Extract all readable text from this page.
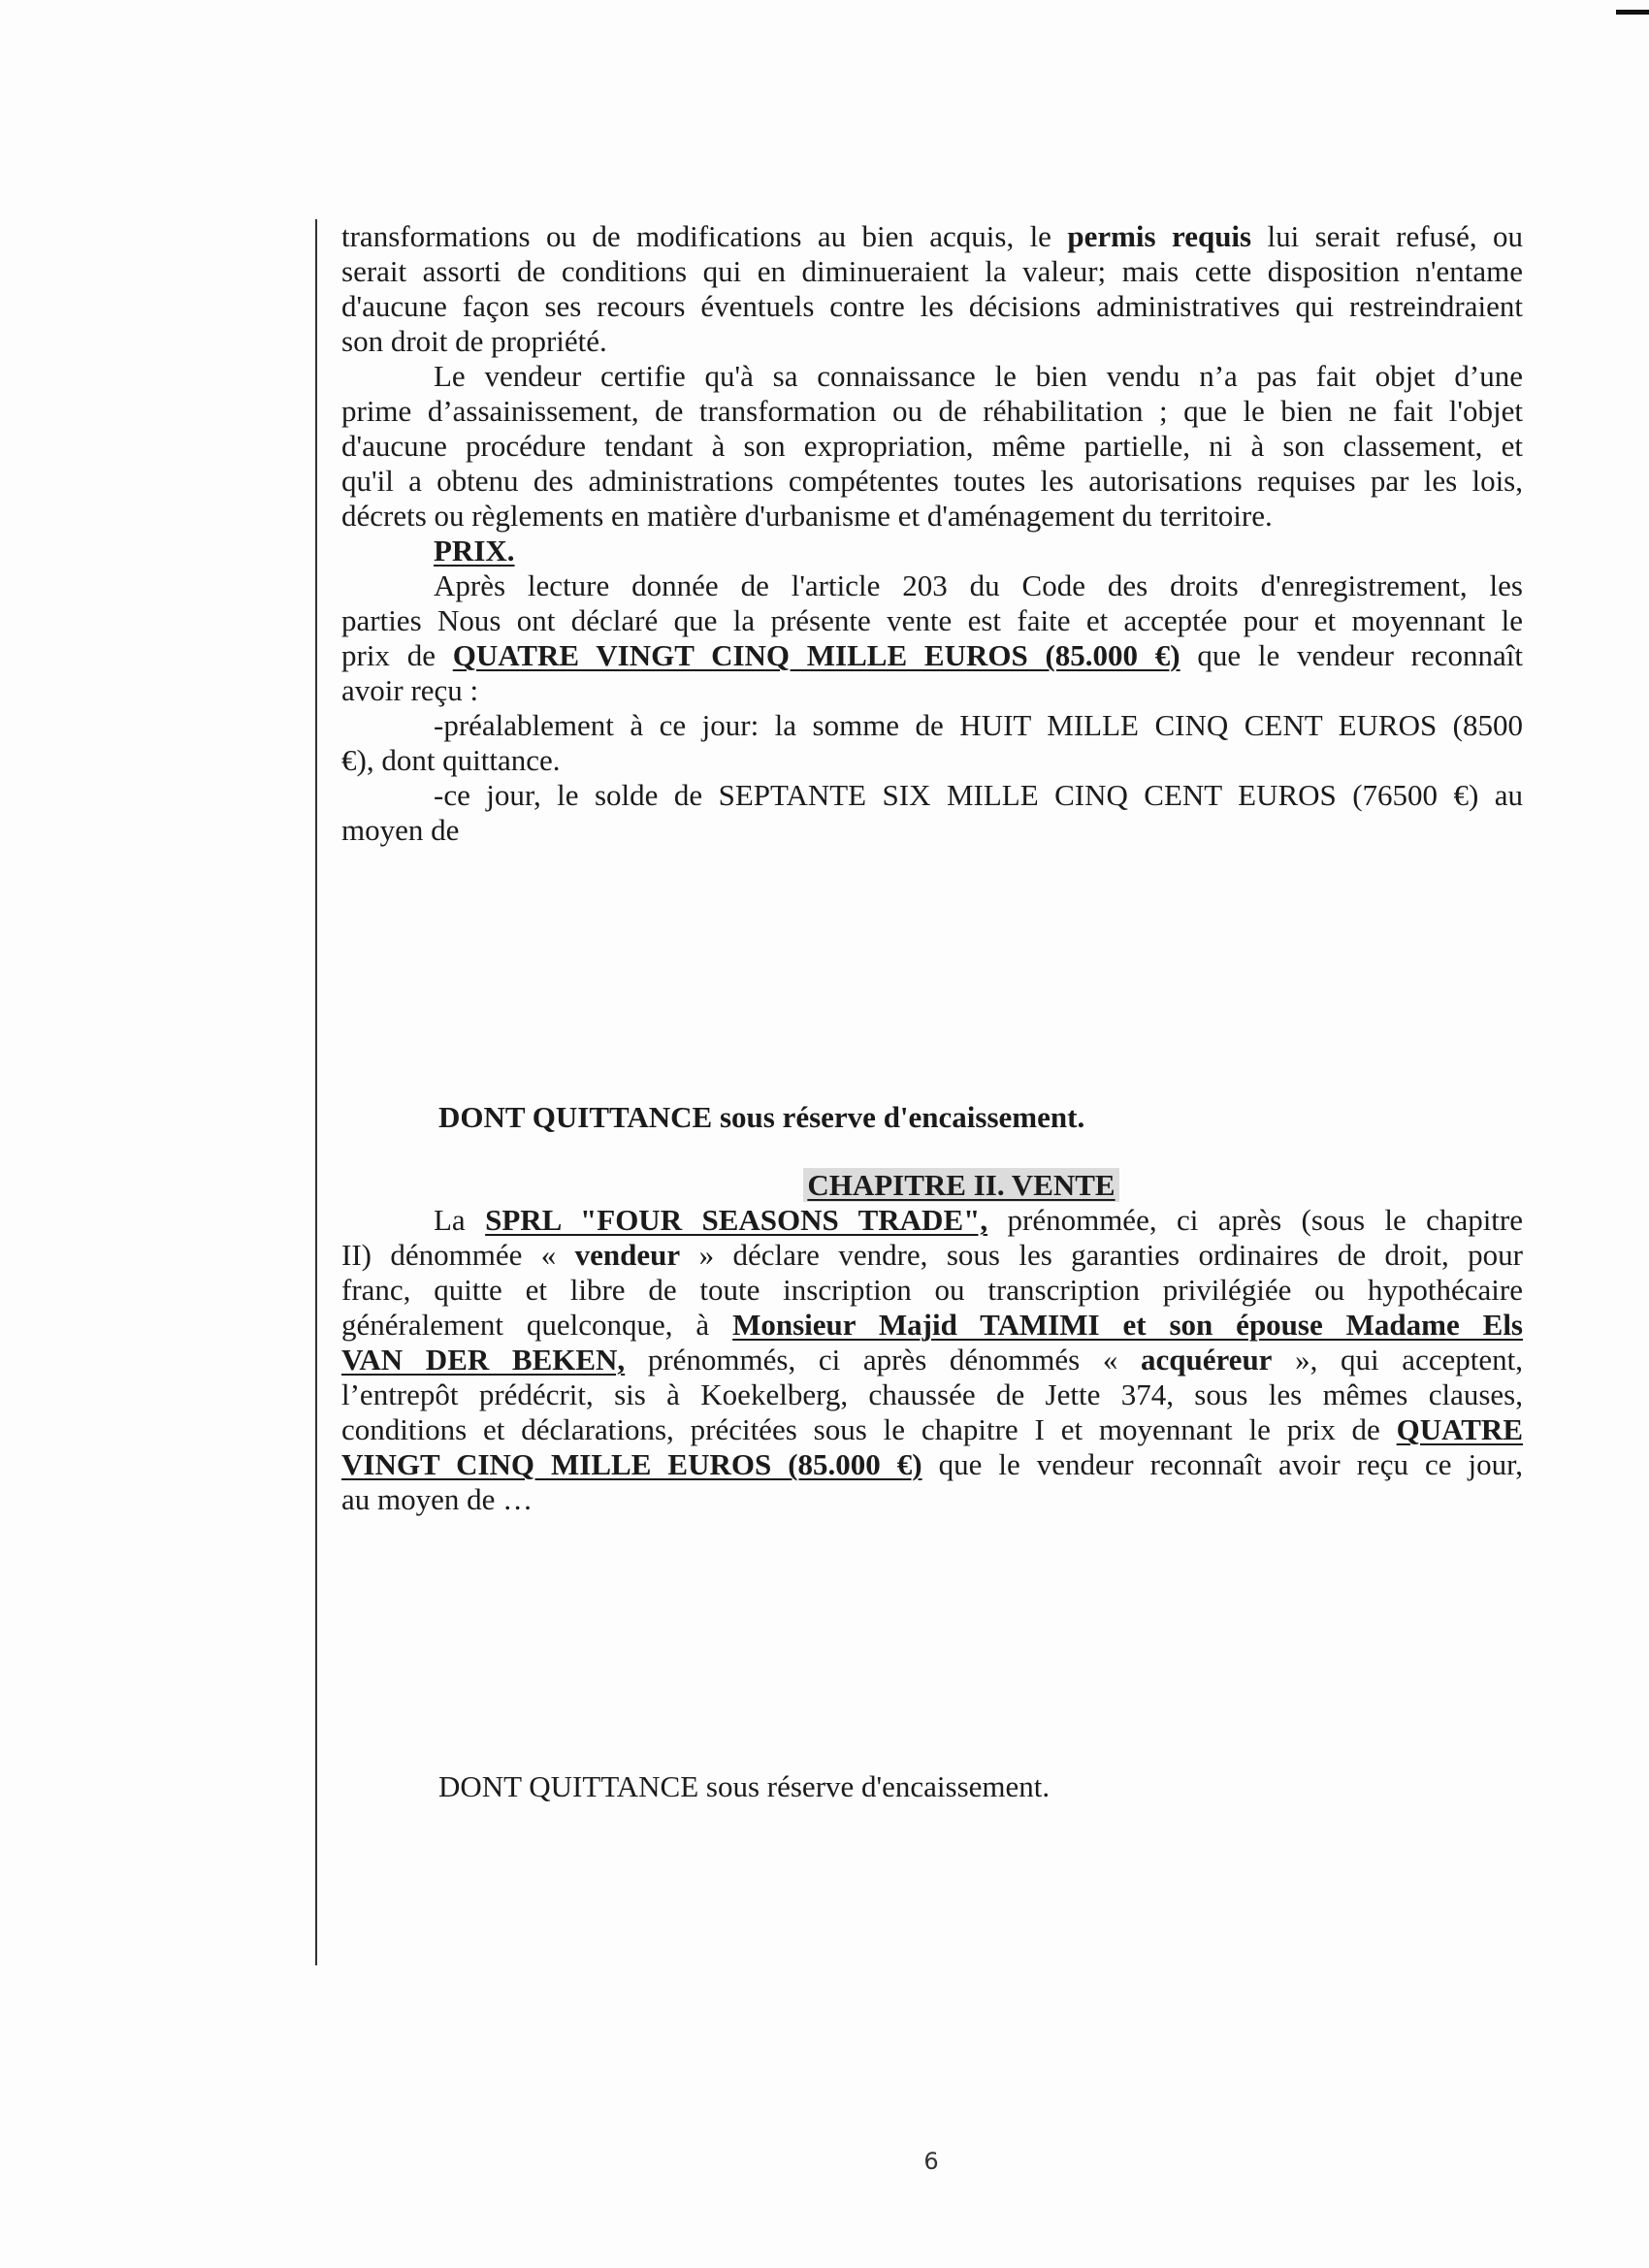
transformations ou de modifications au bien acquis, le permis requis lui serait refusé, ou
serait assorti de conditions qui en diminueraient la valeur; mais cette disposition n'entame
d'aucune façon ses recours éventuels contre les décisions administratives qui restreindraient
son droit de propriété.
Le vendeur certifie qu'à sa connaissance le bien vendu n’a pas fait objet d’une
prime d’assainissement, de transformation ou de réhabilitation ; que le bien ne fait l'objet
d'aucune procédure tendant à son expropriation, même partielle, ni à son classement, et
qu'il a obtenu des administrations compétentes toutes les autorisations requises par les lois,
décrets ou règlements en matière d'urbanisme et d'aménagement du territoire.
PRIX.
Après lecture donnée de l'article 203 du Code des droits d'enregistrement, les
parties Nous ont déclaré que la présente vente est faite et acceptée pour et moyennant le
prix de QUATRE VINGT CINQ MILLE EUROS (85.000 €) que le vendeur reconnaît
avoir reçu :
-préalablement à ce jour: la somme de HUIT MILLE CINQ CENT EUROS (8500
€), dont quittance.
-ce jour, le solde de SEPTANTE SIX MILLE CINQ CENT EUROS (76500 €) au
moyen de
DONT QUITTANCE sous réserve d'encaissement.
CHAPITRE II. VENTE
La SPRL "FOUR SEASONS TRADE", prénommée, ci après (sous le chapitre
II) dénommée « vendeur » déclare vendre, sous les garanties ordinaires de droit, pour
franc, quitte et libre de toute inscription ou transcription privilégiée ou hypothécaire
généralement quelconque, à Monsieur Majid TAMIMI et son épouse Madame Els
VAN DER BEKEN, prénommés, ci après dénommés « acquéreur », qui acceptent,
l’entrepôt prédécrit, sis à Koekelberg, chaussée de Jette 374, sous les mêmes clauses,
conditions et déclarations, précitées sous le chapitre I et moyennant le prix de QUATRE
VINGT CINQ MILLE EUROS (85.000 €) que le vendeur reconnaît avoir reçu ce jour,
au moyen de …
DONT QUITTANCE sous réserve d'encaissement.
6
